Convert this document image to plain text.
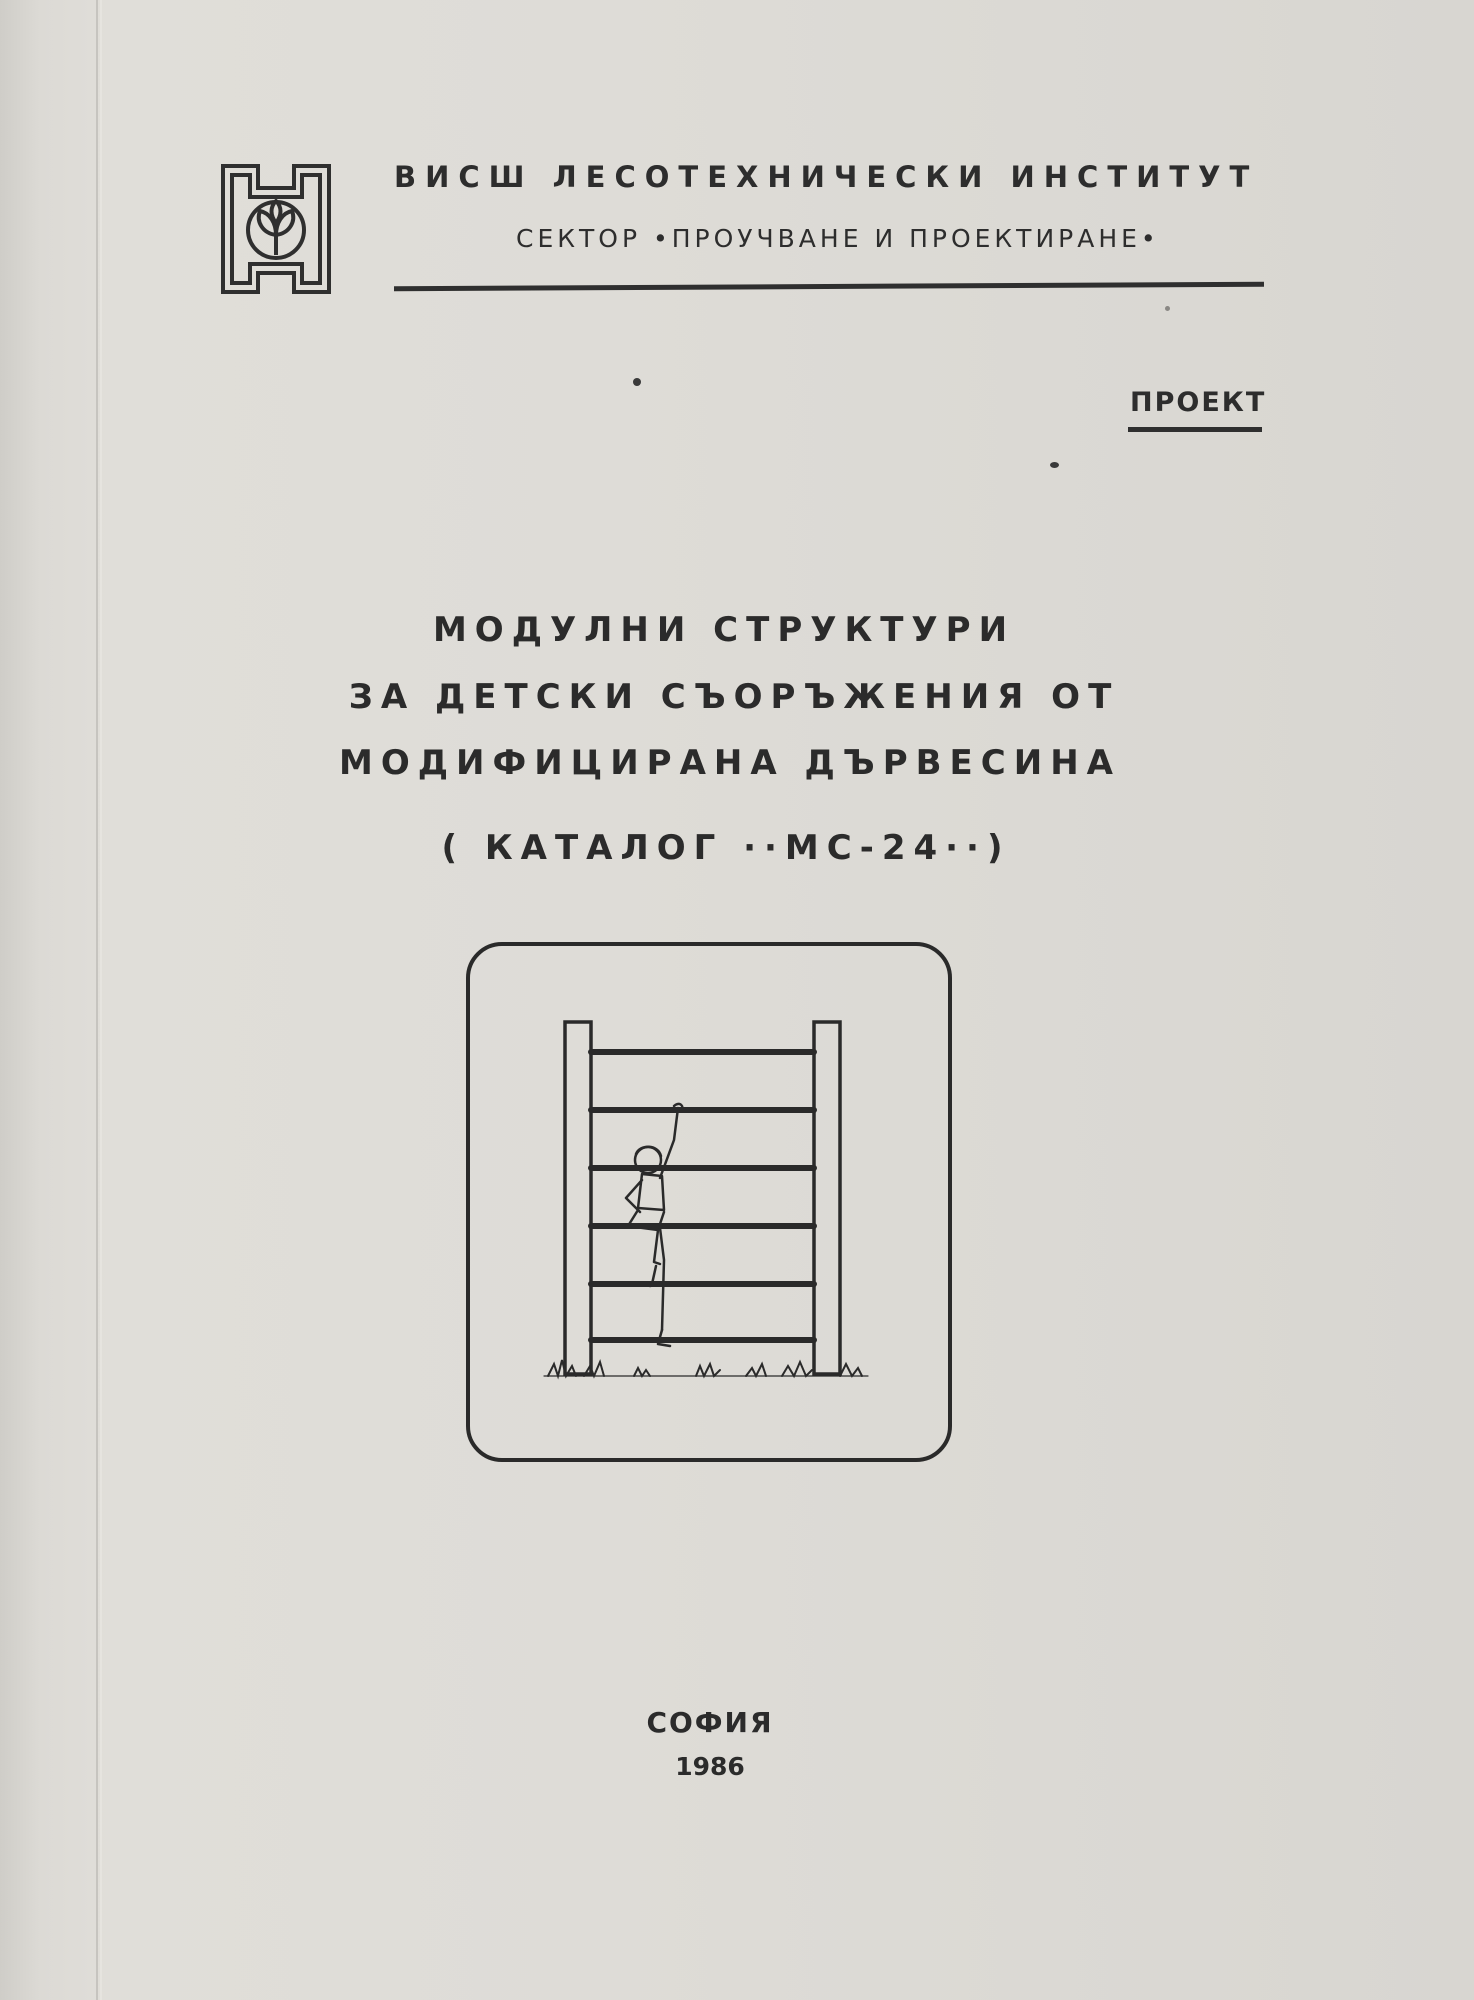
ВИСШ ЛЕСОТЕХНИЧЕСКИ ИНСТИТУТ
СЕКТОР •ПРОУЧВАНЕ И ПРОЕКТИРАНЕ•
ПРОЕКТ
МОДУЛНИ СТРУКТУРИ
ЗА ДЕТСКИ СЪОРЪЖЕНИЯ ОТ
МОДИФИЦИРАНА ДЪРВЕСИНА
( КАТАЛОГ ··МС-24··)
СОФИЯ
1986
